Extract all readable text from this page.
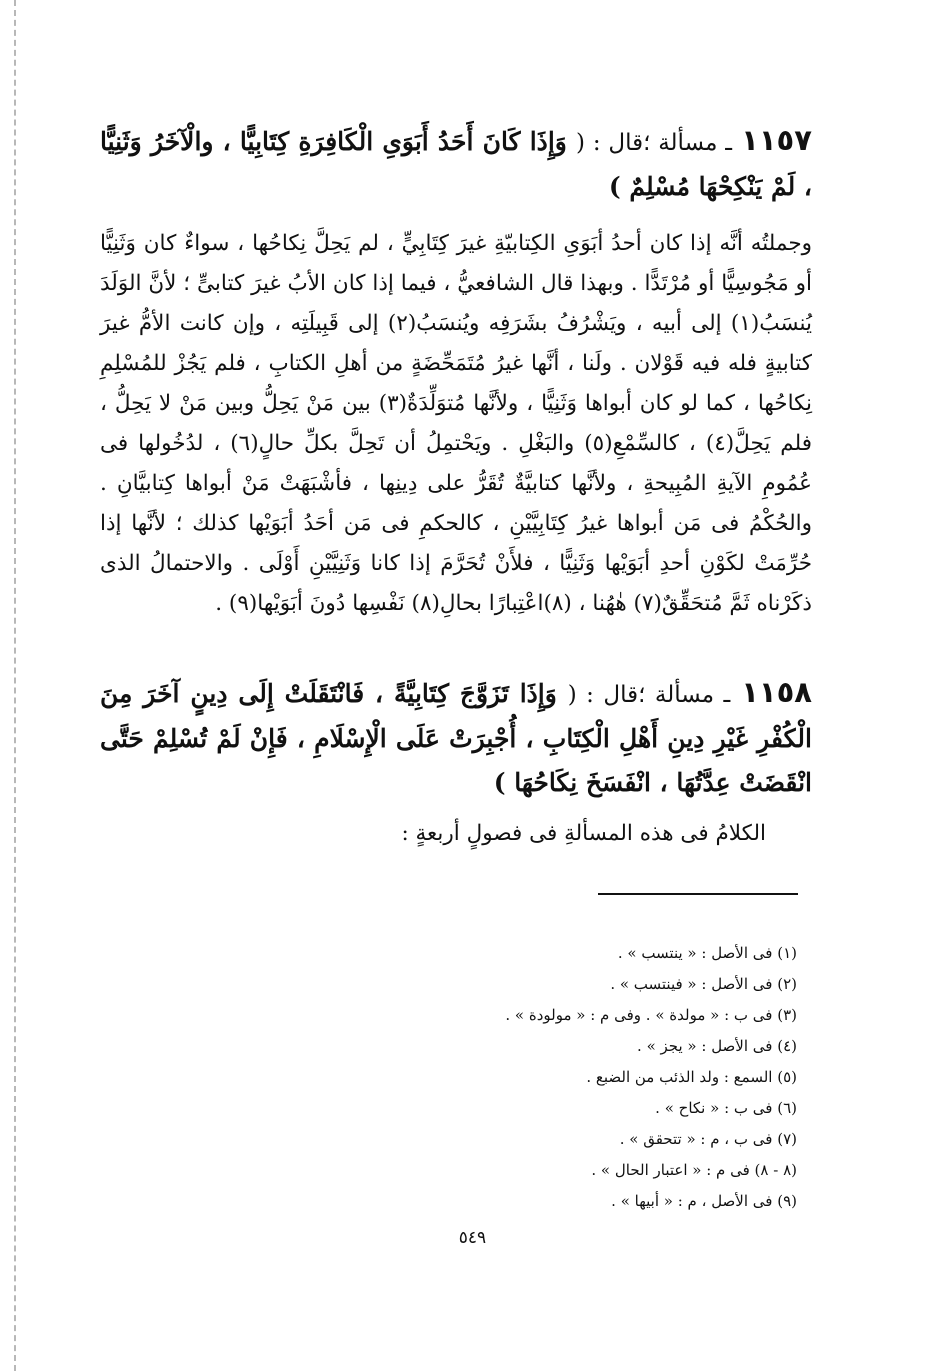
١١٥٧ ـ مسألة ؛قال : ( وَإِذَا كَانَ أَحَدُ أَبَوَىِ الْكَافِرَةِ كِتَابِيًّا ، والْآخَرُ وَثَنِيًّا ، لَمْ يَنْكِحْهَا مُسْلِمٌ )
وجملتُه أنَّه إذا كان أحدُ أبَوَىِ الكِتابيّةِ غيرَ كِتَابِيٍّ ، لم يَحِلَّ نِكاحُها ، سواءٌ كان وَثَنِيًّا أو مَجُوسِيًّا أو مُرْتَدًّا . وبهذا قال الشافعيُّ ، فيما إذا كان الأبُ غيرَ كتابىٍّ ؛ لأنَّ الوَلَدَ يُنسَبُ(١) إلى أبيه ، ويَشْرُفُ بشَرَفِه ويُنسَبُ(٢) إلى قَبِيلَتِه ، وإن كانت الأمُّ غيرَ كتابيةٍ فله فيه قَوْلان . ولَنا ، أنَّها غيرُ مُتَمَحِّضَةٍ من أهلِ الكتابِ ، فلم يَجُزْ للمُسْلِمِ نِكاحُها ، كما لو كان أبواها وَثَنِيًّا ، ولأنَّها مُتوَلِّدَةٌ(٣) بين مَنْ يَحِلُّ وبين مَنْ لا يَحِلُّ ، فلم يَحِلَّ(٤) ، كالسِّمْعِ(٥) والبَغْلِ . ويَحْتمِلُ أن تَحِلَّ بكلِّ حالٍ(٦) ، لدُخُولها فى عُمُومِ الآيةِ المُبِيحةِ ، ولأنَّها كتابيَّةٌ تُقَرُّ على دِينِها ، فأشْبَهَتْ مَنْ أبواها كِتابيَّانِ . والحُكْمُ فى مَن أبواها غيرُ كِتَابِيَّيْنِ ، كالحكمِ فى مَن أحَدُ أبَوَيْها كذلك ؛ لأنَّها إذا حُرِّمَتْ لكَوْنِ أحدِ أبَوَيْها وَثَنِيًّا ، فلأَنْ تُحَرَّمَ إذا كانا وَثَنِيَّيْنِ أَوْلَى . والاحتمالُ الذى ذكَرْناه ثَمَّ مُتحَقِّقٌ(٧) هٰهُنا ، (٨)اعْتِبارًا بحالِ(٨) نَفْسِها دُونَ أبَوَيْها(٩) .
١١٥٨ ـ مسألة ؛قال : ( وَإِذَا تَزَوَّجَ كِتَابِيَّةً ، فَانْتَقَلَتْ إِلَى دِينٍ آخَرَ مِنَ الْكُفْرِ غَيْرِ دِينِ أَهْلِ الْكِتَابِ ، أُجْبِرَتْ عَلَى الْإِسْلَامِ ، فَإِنْ لَمْ تُسْلِمْ حَتَّى انْقَضَتْ عِدَّتُهَا ، انْفَسَخَ نِكَاحُهَا )
الكلامُ فى هذه المسألةِ فى فصولٍ أربعةٍ :
(١) فى الأصل : « ينتسب » .
(٢) فى الأصل : « فينتسب » .
(٣) فى ب : « مولدة » . وفى م : « مولودة » .
(٤) فى الأصل : « يجز » .
(٥) السمع : ولد الذئب من الضبع .
(٦) فى ب : « نكاح » .
(٧) فى ب ، م : « تتحقق » .
(٨ - ٨) فى م : « اعتبار الحال » .
(٩) فى الأصل ، م : « أبيها » .
٥٤٩
